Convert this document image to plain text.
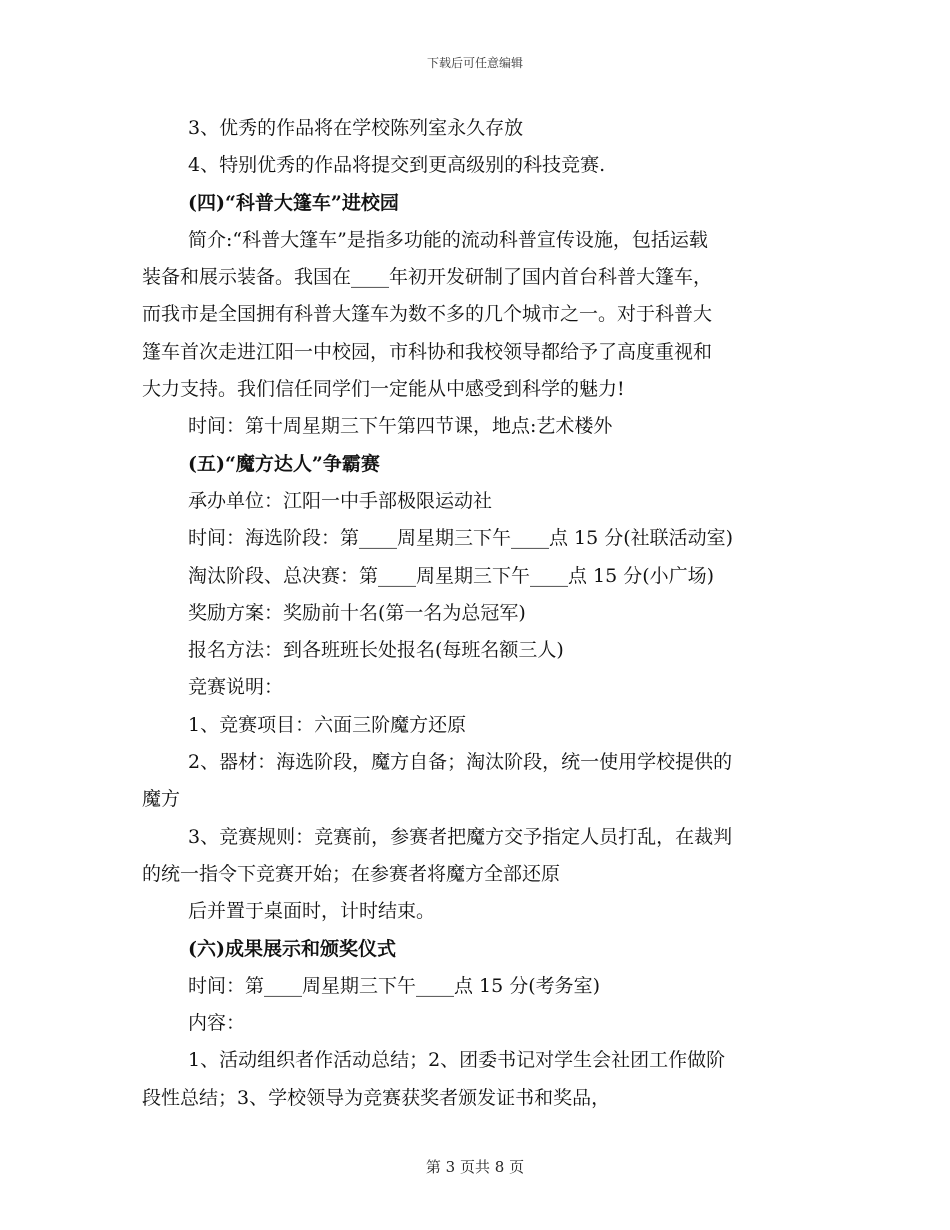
下载后可任意编辑
3、优秀的作品将在学校陈列室永久存放
4、特别优秀的作品将提交到更高级别的科技竞赛.
(四)“科普大篷车”进校园
简介:“科普大篷车”是指多功能的流动科普宣传设施，包括运载
装备和展示装备。我国在____年初开发研制了国内首台科普大篷车，
而我市是全国拥有科普大篷车为数不多的几个城市之一。对于科普大
篷车首次走进江阳一中校园，市科协和我校领导都给予了高度重视和
大力支持。我们信任同学们一定能从中感受到科学的魅力!
时间：第十周星期三下午第四节课，地点:艺术楼外
(五)“魔方达人”争霸赛
承办单位：江阳一中手部极限运动社
时间：海选阶段：第____周星期三下午____点 15 分(社联活动室)
淘汰阶段、总决赛：第____周星期三下午____点 15 分(小广场)
奖励方案：奖励前十名(第一名为总冠军)
报名方法：到各班班长处报名(每班名额三人)
竞赛说明：
1、竞赛项目：六面三阶魔方还原
2、器材：海选阶段，魔方自备；淘汰阶段，统一使用学校提供的
魔方
3、竞赛规则：竞赛前，参赛者把魔方交予指定人员打乱，在裁判
的统一指令下竞赛开始；在参赛者将魔方全部还原
后并置于桌面时，计时结束。
(六)成果展示和颁奖仪式
时间：第____周星期三下午____点 15 分(考务室)
内容：
1、活动组织者作活动总结；2、团委书记对学生会社团工作做阶
段性总结；3、学校领导为竞赛获奖者颁发证书和奖品，
第 3 页共 8 页
